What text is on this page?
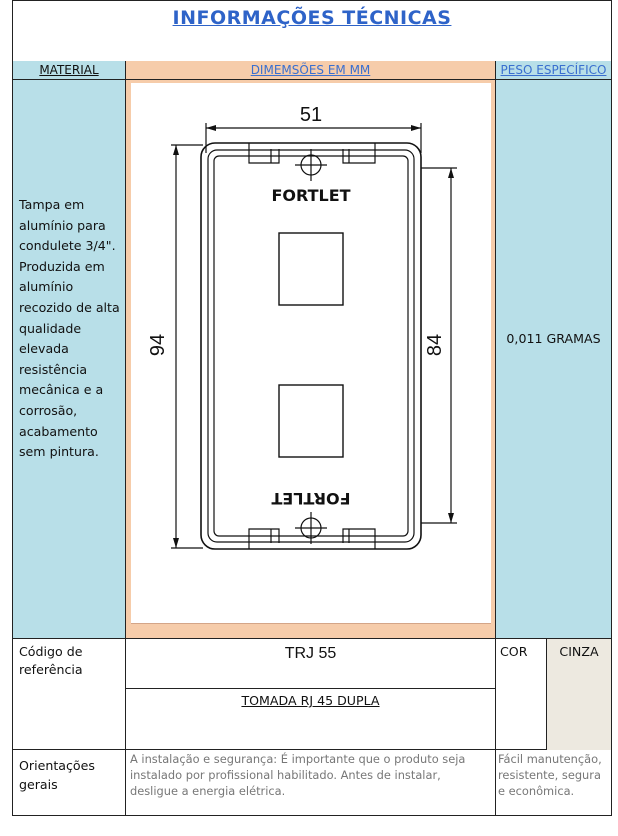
INFORMAÇÕES TÉCNICAS
MATERIAL
Tampa em alumínio para condulete 3/4". Produzida em alumínio recozido de alta qualidade elevada resistência mecânica e a corrosão, acabamento sem pintura.
DIMEMSÕES EM MM
51
94	84
FORTLET
FORTLET
PESO ESPECÍFICO
0,011 GRAMAS
Código de referência
TRJ 55
TOMADA RJ 45 DUPLA
COR	CINZA
Orientações gerais
A instalação e segurança: É importante que o produto seja instalado por profissional habilitado. Antes de instalar, desligue a energia elétrica.
Fácil manutenção, resistente, segura e econômica.
